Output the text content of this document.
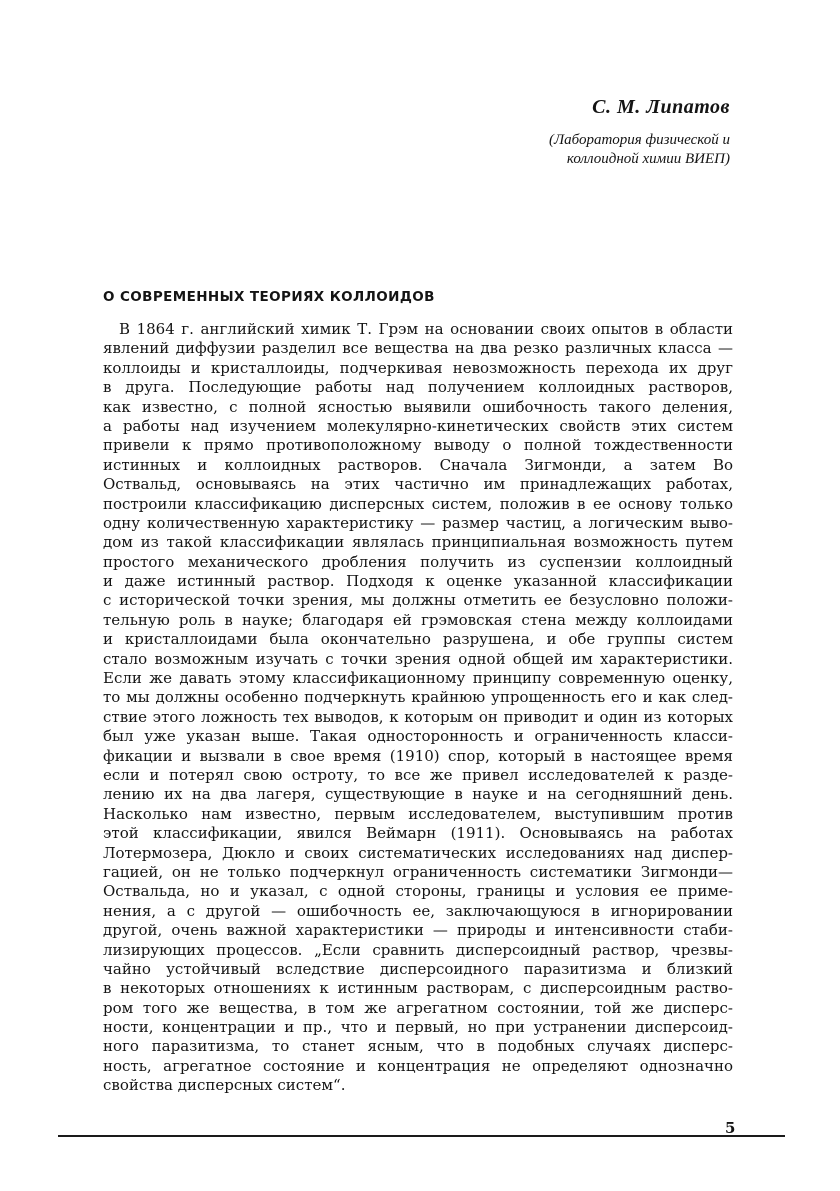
С. М. Липатов

(Лаборатория физической и
коллоидной химии ВИЕП)
О СОВРЕМЕННЫХ ТЕОРИЯХ КОЛЛОИДОВ
В 1864 г. английский химик Т. Грэм на основании своих опытов в области
явлений диффузии разделил все вещества на два резко различных класса —
коллоиды и кристаллоиды, подчеркивая невозможность перехода их друг
в друга. Последующие работы над получением коллоидных растворов,
как известно, с полной ясностью выявили ошибочность такого деления,
а работы над изучением молекулярно-кинетических свойств этих систем
привели к прямо противоположному выводу о полной тождественности
истинных и коллоидных растворов. Сначала Зигмонди, а затем Во
Оствальд, основываясь на этих частично им принадлежащих работах,
построили классификацию дисперсных систем, положив в ее основу только
одну количественную характеристику — размер частиц, а логическим выво-
дом из такой классификации являлась принципиальная возможность путем
простого механического дробления получить из суспензии коллоидный
и даже истинный раствор. Подходя к оценке указанной классификации
с исторической точки зрения, мы должны отметить ее безусловно положи-
тельную роль в науке; благодаря ей грэмовская стена между коллоидами
и кристаллоидами была окончательно разрушена, и обе группы систем
стало возможным изучать с точки зрения одной общей им характеристики.
Если же давать этому классификационному принципу современную оценку,
то мы должны особенно подчеркнуть крайнюю упрощенность его и как след-
ствие этого ложность тех выводов, к которым он приводит и один из которых
был уже указан выше. Такая односторонность и ограниченность класси-
фикации и вызвали в свое время (1910) спор, который в настоящее время
если и потерял свою остроту, то все же привел исследователей к разде-
лению их на два лагеря, существующие в науке и на сегодняшний день.
Насколько нам известно, первым исследователем, выступившим против
этой классификации, явился Веймарн (1911). Основываясь на работах
Лотермозера, Дюкло и своих систематических исследованиях над диспер-
гацией, он не только подчеркнул ограниченность систематики Зигмонди—
Оствальда, но и указал, с одной стороны, границы и условия ее приме-
нения, а с другой — ошибочность ее, заключающуюся в игнорировании
другой, очень важной характеристики — природы и интенсивности стаби-
лизирующих процессов. „Если сравнить дисперсоидный раствор, чрезвы-
чайно устойчивый вследствие дисперсоидного паразитизма и близкий
в некоторых отношениях к истинным растворам, с дисперсоидным раство-
ром того же вещества, в том же агрегатном состоянии, той же дисперс-
ности, концентрации и пр., что и первый, но при устранении дисперсоид-
ного паразитизма, то станет ясным, что в подобных случаях дисперс-
ность, агрегатное состояние и концентрация не определяют однозначно
свойства дисперсных систем“.

5
